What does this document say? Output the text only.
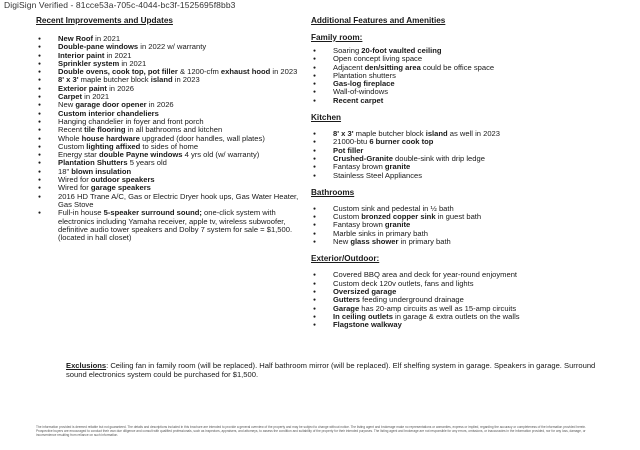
DigiSign Verified - 81cce53a-705c-4044-bc3f-1525695f8bb3
Recent Improvements and Updates
● New Roof in 2021
● Double-pane windows in 2022 w/ warranty
● Interior paint in 2021
● Sprinkler system in 2021
● Double ovens, cook top, pot filler & 1200-cfm exhaust hood in 2023
● 8' x 3' maple butcher block island in 2023
● Exterior paint in 2026
● Carpet in 2021
● New garage door opener in 2026
● Custom interior chandeliers
● Hanging chandelier in foyer and front porch
● Recent tile flooring in all bathrooms and kitchen
● Whole house hardware upgraded (door handles, wall plates)
● Custom lighting affixed to sides of home
● Energy star double Payne windows 4 yrs old (w/ warranty)
● Plantation Shutters 5 years old
● 18" blown insulation
● Wired for outdoor speakers
● Wired for garage speakers
● 2016 HD Trane A/C, Gas or Electric Dryer hook ups, Gas Water Heater, Gas Stove
● Full-in house 5-speaker surround sound; one-click system with electronics including Yamaha receiver, apple tv, wireless subwoofer, definitive audio tower speakers and Dolby 7 system for sale = $1,500. (located in hall closet)
Additional Features and Amenities
Family room:
● Soaring 20-foot vaulted ceiling
● Open concept living space
● Adjacent den/sitting area could be office space
● Plantation shutters
● Gas-log fireplace
● Wall-of-windows
● Recent carpet
Kitchen
● 8' x 3' maple butcher block island as well in 2023
● 21000-btu 6 burner cook top
● Pot filler
● Crushed-Granite double-sink with drip ledge
● Fantasy brown granite
● Stainless Steel Appliances
Bathrooms
● Custom sink and pedestal in ½ bath
● Custom bronzed copper sink in guest bath
● Fantasy brown granite
● Marble sinks in primary bath
● New glass shower in primary bath
Exterior/Outdoor:
● Covered BBQ area and deck for year-round enjoyment
● Custom deck 120v outlets, fans and lights
● Oversized garage
● Gutters feeding underground drainage
● Garage has 20-amp circuits as well as 15-amp circuits
● In ceiling outlets in garage & extra outlets on the walls
● Flagstone walkway
Exclusions: Ceiling fan in family room (will be replaced). Half bathroom mirror (will be replaced). Elf shelfing system in garage. Speakers in garage. Surround sound electronics system could be purchased for $1,500.
The information provided is deemed reliable but not guaranteed. The details and descriptions included in this brochure are intended to provide a general overview of the property and may be subject to change without notice. The listing agent and brokerage make no representations or warranties, express or implied, regarding the accuracy or completeness of the information provided herein. Prospective buyers are encouraged to conduct their own due diligence and consult with qualified professionals, such as inspectors, appraisers, and attorneys, to assess the condition and suitability of the property for their intended purposes. The listing agent and brokerage are not responsible for any errors, omissions, or inaccuracies in the information provided, nor for any loss, damage, or inconvenience resulting from reliance on such information.
